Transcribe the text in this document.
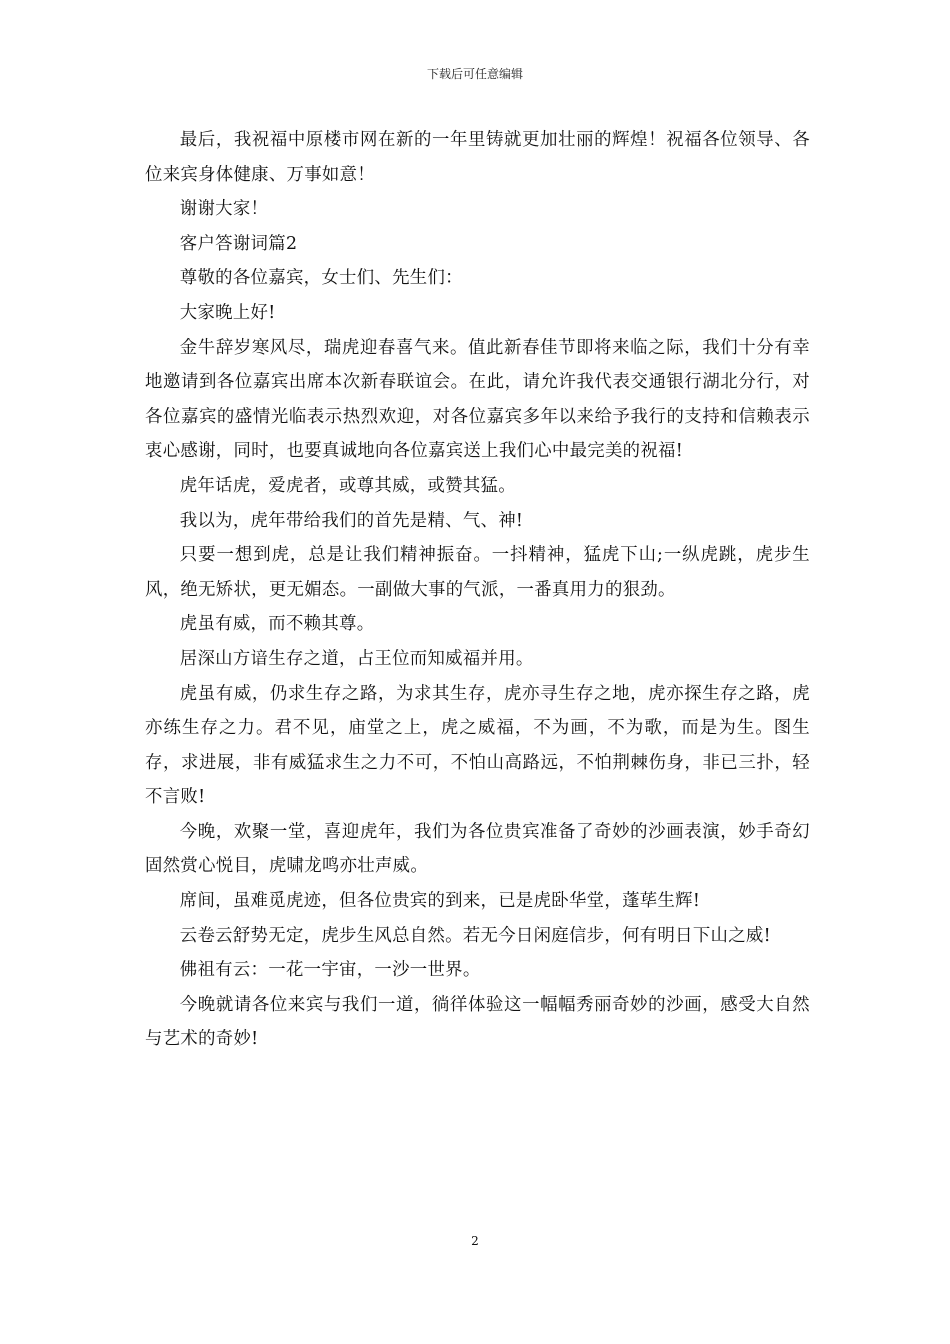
下载后可任意编辑

最后，我祝福中原楼市网在新的一年里铸就更加壮丽的辉煌！祝福各位领导、各位来宾身体健康、万事如意！

谢谢大家！

客户答谢词篇2

尊敬的各位嘉宾，女士们、先生们：

大家晚上好!

金牛辞岁寒风尽，瑞虎迎春喜气来。值此新春佳节即将来临之际，我们十分有幸地邀请到各位嘉宾出席本次新春联谊会。在此，请允许我代表交通银行湖北分行，对各位嘉宾的盛情光临表示热烈欢迎，对各位嘉宾多年以来给予我行的支持和信赖表示衷心感谢，同时，也要真诚地向各位嘉宾送上我们心中最完美的祝福!

虎年话虎，爱虎者，或尊其威，或赞其猛。

我以为，虎年带给我们的首先是精、气、神!

只要一想到虎，总是让我们精神振奋。一抖精神，猛虎下山;一纵虎跳，虎步生风，绝无矫状，更无媚态。一副做大事的气派，一番真用力的狠劲。

虎虽有威，而不赖其尊。

居深山方谙生存之道，占王位而知威福并用。

虎虽有威，仍求生存之路，为求其生存，虎亦寻生存之地，虎亦探生存之路，虎亦练生存之力。君不见，庙堂之上，虎之威福，不为画，不为歌，而是为生。图生存，求进展，非有威猛求生之力不可，不怕山高路远，不怕荆棘伤身，非已三扑，轻不言败!

今晚，欢聚一堂，喜迎虎年，我们为各位贵宾准备了奇妙的沙画表演，妙手奇幻固然赏心悦目，虎啸龙鸣亦壮声威。

席间，虽难觅虎迹，但各位贵宾的到来，已是虎卧华堂，蓬荜生辉!

云卷云舒势无定，虎步生风总自然。若无今日闲庭信步，何有明日下山之威!

佛祖有云：一花一宇宙，一沙一世界。

今晚就请各位来宾与我们一道，徜徉体验这一幅幅秀丽奇妙的沙画，感受大自然与艺术的奇妙!

2
